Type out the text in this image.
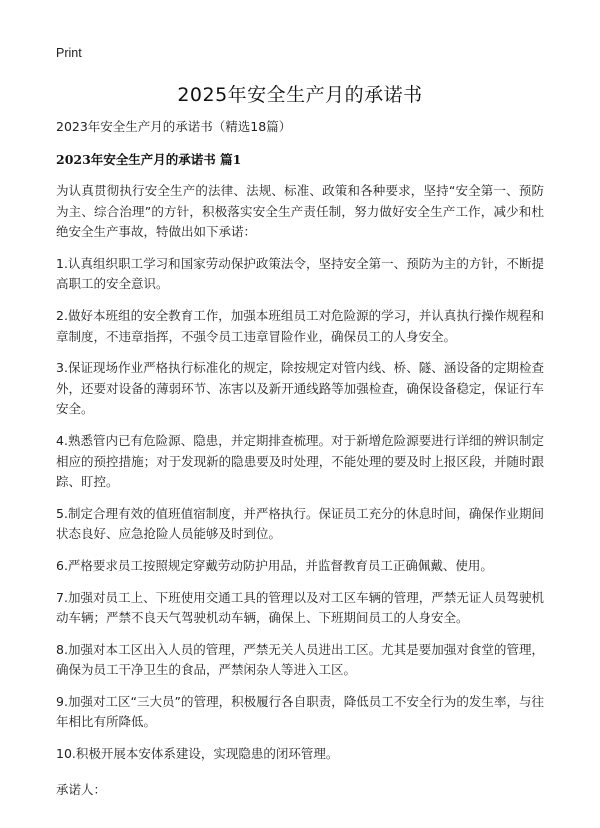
Print
2025年安全生产月的承诺书

2023年安全生产月的承诺书（精选18篇）

2023年安全生产月的承诺书 篇1

为认真贯彻执行安全生产的法律、法规、标准、政策和各种要求，坚持“安全第一、预防为主、综合治理”的方针，积极落实安全生产责任制，努力做好安全生产工作，减少和杜绝安全生产事故，特做出如下承诺：

1.认真组织职工学习和国家劳动保护政策法令，坚持安全第一、预防为主的方针，不断提高职工的安全意识。

2.做好本班组的安全教育工作，加强本班组员工对危险源的学习，并认真执行操作规程和章制度，不违章指挥，不强令员工违章冒险作业，确保员工的人身安全。

3.保证现场作业严格执行标准化的规定，除按规定对管内线、桥、隧、涵设备的定期检查外，还要对设备的薄弱环节、冻害以及新开通线路等加强检查，确保设备稳定，保证行车安全。

4.熟悉管内已有危险源、隐患，并定期排查梳理。对于新增危险源要进行详细的辨识制定相应的预控措施；对于发现新的隐患要及时处理，不能处理的要及时上报区段，并随时跟踪、盯控。

5.制定合理有效的值班值宿制度，并严格执行。保证员工充分的休息时间，确保作业期间状态良好、应急抢险人员能够及时到位。

6.严格要求员工按照规定穿戴劳动防护用品，并监督教育员工正确佩戴、使用。

7.加强对员工上、下班使用交通工具的管理以及对工区车辆的管理，严禁无证人员驾驶机动车辆；严禁不良天气驾驶机动车辆，确保上、下班期间员工的人身安全。

8.加强对本工区出入人员的管理，严禁无关人员进出工区。尤其是要加强对食堂的管理，确保为员工干净卫生的食品，严禁闲杂人等进入工区。

9.加强对工区“三大员”的管理，积极履行各自职责，降低员工不安全行为的发生率，与往年相比有所降低。

10.积极开展本安体系建设，实现隐患的闭环管理。

承诺人：
